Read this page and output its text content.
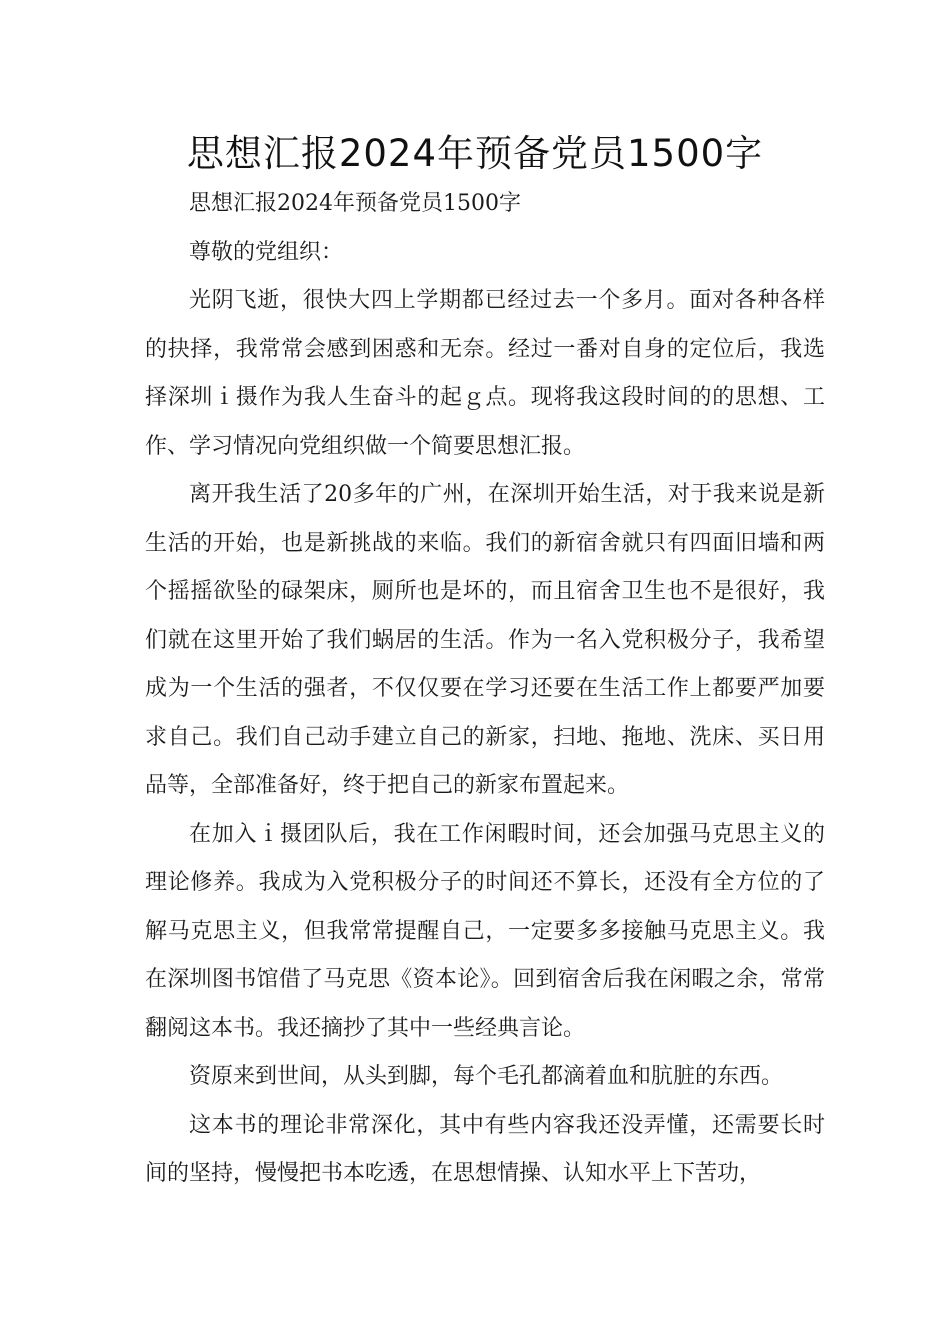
思想汇报2024年预备党员1500字

思想汇报2024年预备党员1500字

尊敬的党组织：

光阴飞逝，很快大四上学期都已经过去一个多月。面对各种各样的抉择，我常常会感到困惑和无奈。经过一番对自身的定位后，我选择深圳ｉ摄作为我人生奋斗的起ｇ点。现将我这段时间的的思想、工作、学习情况向党组织做一个简要思想汇报。

离开我生活了20多年的广州，在深圳开始生活，对于我来说是新生活的开始，也是新挑战的来临。我们的新宿舍就只有四面旧墙和两个摇摇欲坠的碌架床，厕所也是坏的，而且宿舍卫生也不是很好，我们就在这里开始了我们蜗居的生活。作为一名入党积极分子，我希望成为一个生活的强者，不仅仅要在学习还要在生活工作上都要严加要求自己。我们自己动手建立自己的新家，扫地、拖地、洗床、买日用品等，全部准备好，终于把自己的新家布置起来。

在加入ｉ摄团队后，我在工作闲暇时间，还会加强马克思主义的理论修养。我成为入党积极分子的时间还不算长，还没有全方位的了解马克思主义，但我常常提醒自己，一定要多多接触马克思主义。我在深圳图书馆借了马克思《资本论》。回到宿舍后我在闲暇之余，常常翻阅这本书。我还摘抄了其中一些经典言论。

资原来到世间，从头到脚，每个毛孔都滴着血和肮脏的东西。

这本书的理论非常深化，其中有些内容我还没弄懂，还需要长时间的坚持，慢慢把书本吃透，在思想情操、认知水平上下苦功，
